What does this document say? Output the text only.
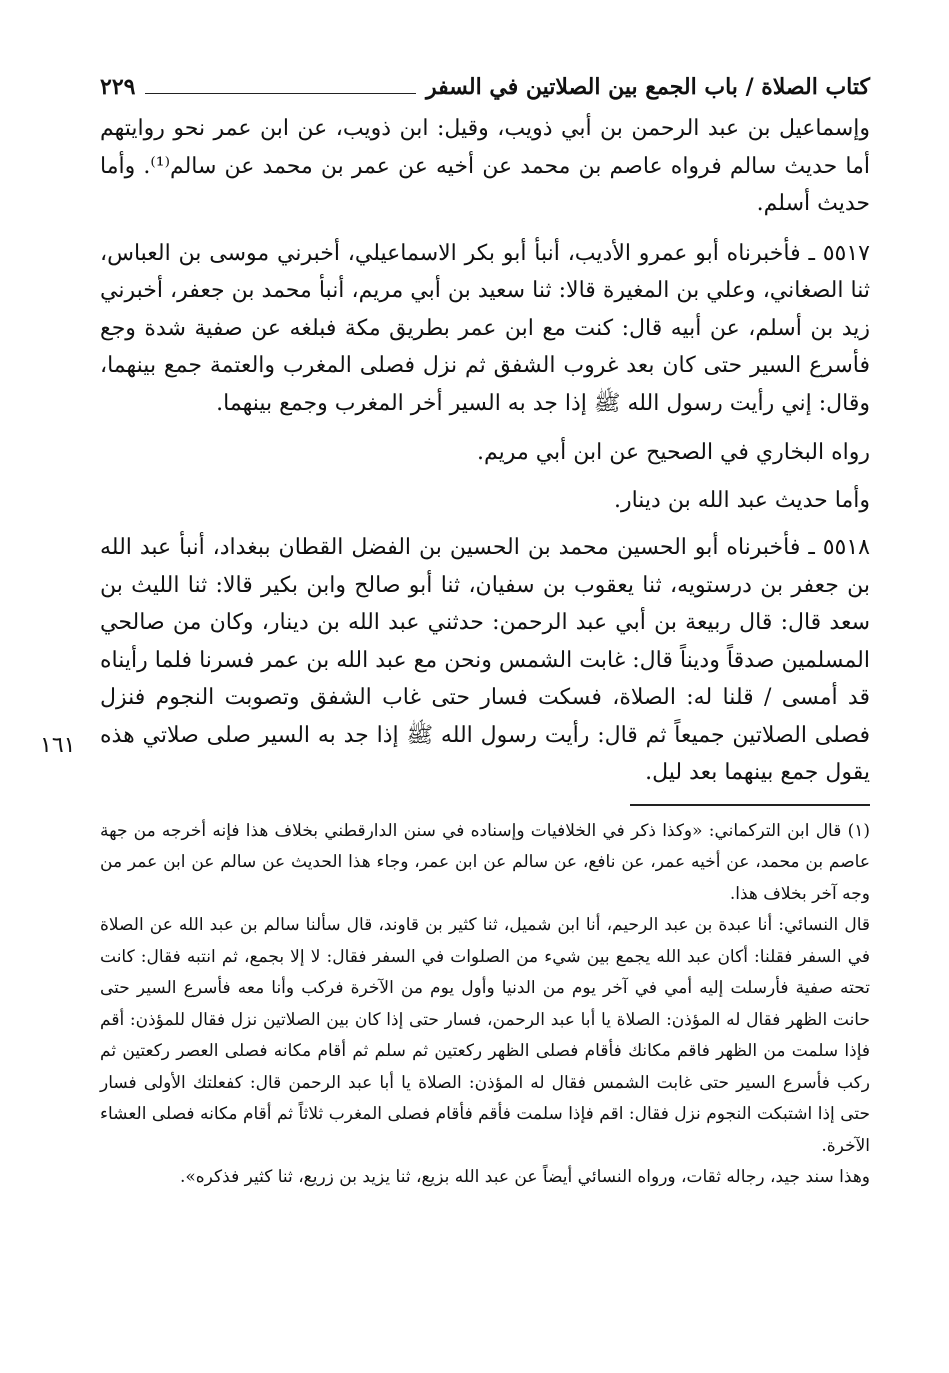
كتاب الصلاة / باب الجمع بين الصلاتين في السفر
٢٢٩

وإسماعيل بن عبد الرحمن بن أبي ذويب، وقيل: ابن ذويب، عن ابن عمر نحو روايتهم أما حديث سالم فرواه عاصم بن محمد عن أخيه عن عمر بن محمد عن سالم⁽¹⁾. وأما حديث أسلم.

٥٥١٧ ـ فأخبرناه أبو عمرو الأديب، أنبأ أبو بكر الاسماعيلي، أخبرني موسى بن العباس، ثنا الصغاني، وعلي بن المغيرة قالا: ثنا سعيد بن أبي مريم، أنبأ محمد بن جعفر، أخبرني زيد بن أسلم، عن أبيه قال: كنت مع ابن عمر بطريق مكة فبلغه عن صفية شدة وجع فأسرع السير حتى كان بعد غروب الشفق ثم نزل فصلى المغرب والعتمة جمع بينهما، وقال: إني رأيت رسول الله ﷺ إذا جد به السير أخر المغرب وجمع بينهما.

رواه البخاري في الصحيح عن ابن أبي مريم.

وأما حديث عبد الله بن دينار.

٥٥١٨ ـ فأخبرناه أبو الحسين محمد بن الحسين بن الفضل القطان ببغداد، أنبأ عبد الله بن جعفر بن درستويه، ثنا يعقوب بن سفيان، ثنا أبو صالح وابن بكير قالا: ثنا الليث بن سعد قال: قال ربيعة بن أبي عبد الرحمن: حدثني عبد الله بن دينار، وكان من صالحي المسلمين صدقاً وديناً قال: غابت الشمس ونحن مع عبد الله بن عمر فسرنا فلما رأيناه قد أمسى / قلنا له: الصلاة، فسكت فسار حتى غاب الشفق وتصوبت النجوم فنزل فصلى الصلاتين جميعاً ثم قال: رأيت رسول الله ﷺ إذا جد به السير صلى صلاتي هذه يقول جمع بينهما بعد ليل.

(١) قال ابن التركماني: «وكذا ذكر في الخلافيات وإسناده في سنن الدارقطني بخلاف هذا فإنه أخرجه من جهة عاصم بن محمد، عن أخيه عمر، عن نافع، عن سالم عن ابن عمر، وجاء هذا الحديث عن سالم عن ابن عمر من وجه آخر بخلاف هذا.

قال النسائي: أنا عبدة بن عبد الرحيم، أنا ابن شميل، ثنا كثير بن قاوند، قال سألنا سالم بن عبد الله عن الصلاة في السفر فقلنا: أكان عبد الله يجمع بين شيء من الصلوات في السفر فقال: لا إلا بجمع، ثم انتبه فقال: كانت تحته صفية فأرسلت إليه أمي في آخر يوم من الدنيا وأول يوم من الآخرة فركب وأنا معه فأسرع السير حتى حانت الظهر فقال له المؤذن: الصلاة يا أبا عبد الرحمن، فسار حتى إذا كان بين الصلاتين نزل فقال للمؤذن: أقم فإذا سلمت من الظهر فاقم مكانك فأقام فصلى الظهر ركعتين ثم سلم ثم أقام مكانه فصلى العصر ركعتين ثم ركب فأسرع السير حتى غابت الشمس فقال له المؤذن: الصلاة يا أبا عبد الرحمن قال: كفعلتك الأولى فسار حتى إذا اشتبكت النجوم نزل فقال: اقم فإذا سلمت فأقم فأقام فصلى المغرب ثلاثاً ثم أقام مكانه فصلى العشاء الآخرة.

وهذا سند جيد، رجاله ثقات، ورواه النسائي أيضاً عن عبد الله بزيع، ثنا يزيد بن زريع، ثنا كثير فذكره».

١٦١
